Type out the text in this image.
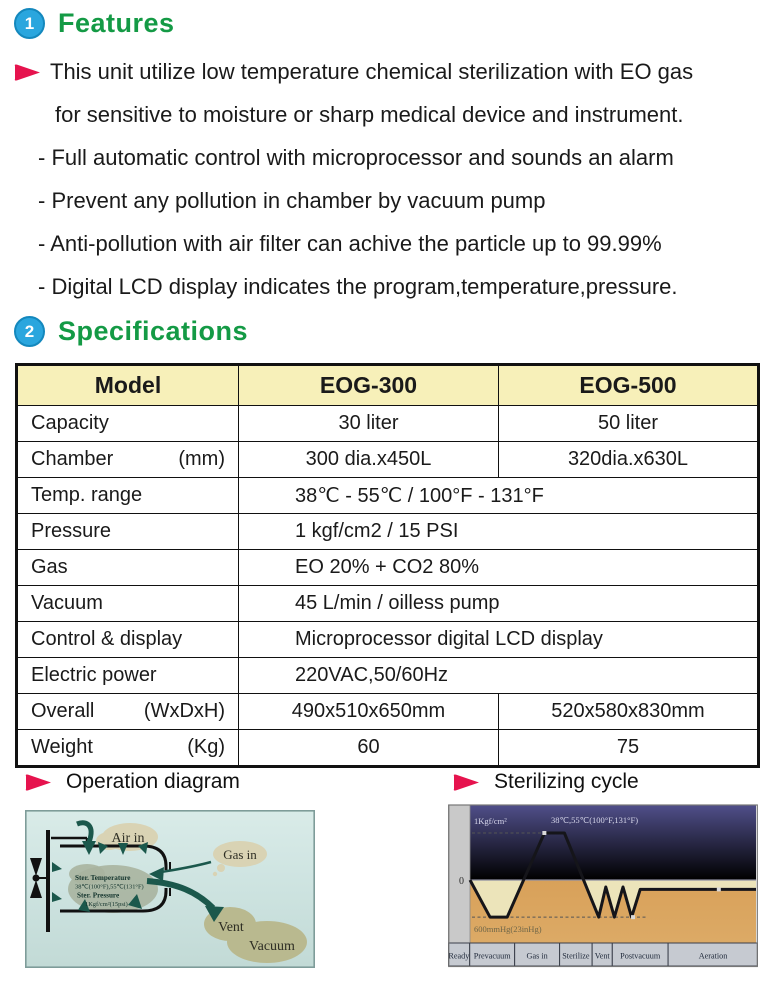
1 Features
This unit utilize low temperature chemical sterilization with EO gas
for sensitive to moisture or sharp medical device and instrument.
- Full automatic control with microprocessor and sounds an alarm
- Prevent any pollution in chamber by vacuum pump
- Anti-pollution with air filter can achive the particle up to 99.99%
- Digital LCD display indicates the program,temperature,pressure.
2 Specifications
Model	EOG-300	EOG-500

Capacity	30 liter	50 liter

Chamber (mm)	300 dia.x450L	320dia.x630L

Temp. range	38℃ - 55℃ / 100°F - 131°F	

Pressure	1 kgf/cm2 / 15 PSI	

Gas	EO 20% + CO2 80%	

Vacuum	45 L/min / oilless pump	

Control & display	Microprocessor digital LCD display	

Electric power	220VAC,50/60Hz	

Overall (WxDxH)	490x510x650mm	520x580x830mm

Weight (Kg)	60	75
Operation diagram
Air in
Gas in
Vent
Vacuum
Ster. Temperature
38℃(100°F),55℃(131°F)
Ster. Pressure
1Kgf/cm²(15psi)
Sterilizing cycle
Ready Prevacuum Gas in Sterilize Vent Postvacuum	Aeration
1Kgf/cm²	38℃,55℃(100°F,131°F)
0
600mmHg(23inHg)
